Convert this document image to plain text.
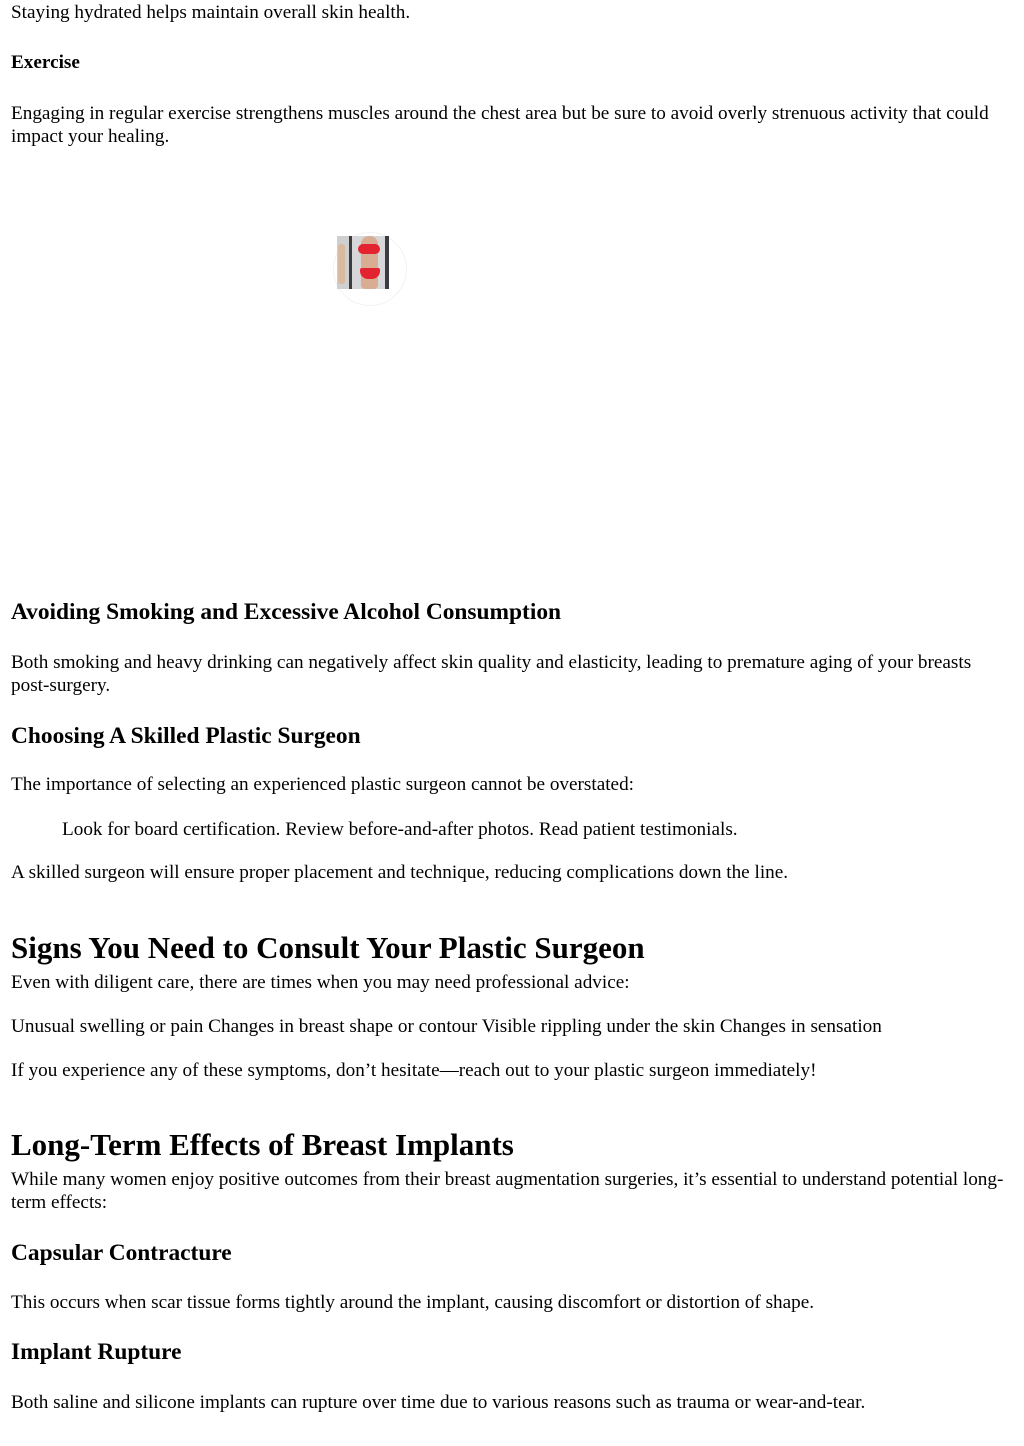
Staying hydrated helps maintain overall skin health.

Exercise

Engaging in regular exercise strengthens muscles around the chest area but be sure to avoid overly strenuous activity that could impact your healing.

Avoiding Smoking and Excessive Alcohol Consumption

Both smoking and heavy drinking can negatively affect skin quality and elasticity, leading to premature aging of your breasts post-surgery.

Choosing A Skilled Plastic Surgeon

The importance of selecting an experienced plastic surgeon cannot be overstated:

Look for board certification. Review before-and-after photos. Read patient testimonials.

A skilled surgeon will ensure proper placement and technique, reducing complications down the line.

Signs You Need to Consult Your Plastic Surgeon

Even with diligent care, there are times when you may need professional advice:

Unusual swelling or pain Changes in breast shape or contour Visible rippling under the skin Changes in sensation

If you experience any of these symptoms, don’t hesitate—reach out to your plastic surgeon immediately!

Long-Term Effects of Breast Implants

While many women enjoy positive outcomes from their breast augmentation surgeries, it’s essential to understand potential long-term effects:

Capsular Contracture

This occurs when scar tissue forms tightly around the implant, causing discomfort or distortion of shape.

Implant Rupture

Both saline and silicone implants can rupture over time due to various reasons such as trauma or wear-and-tear.
